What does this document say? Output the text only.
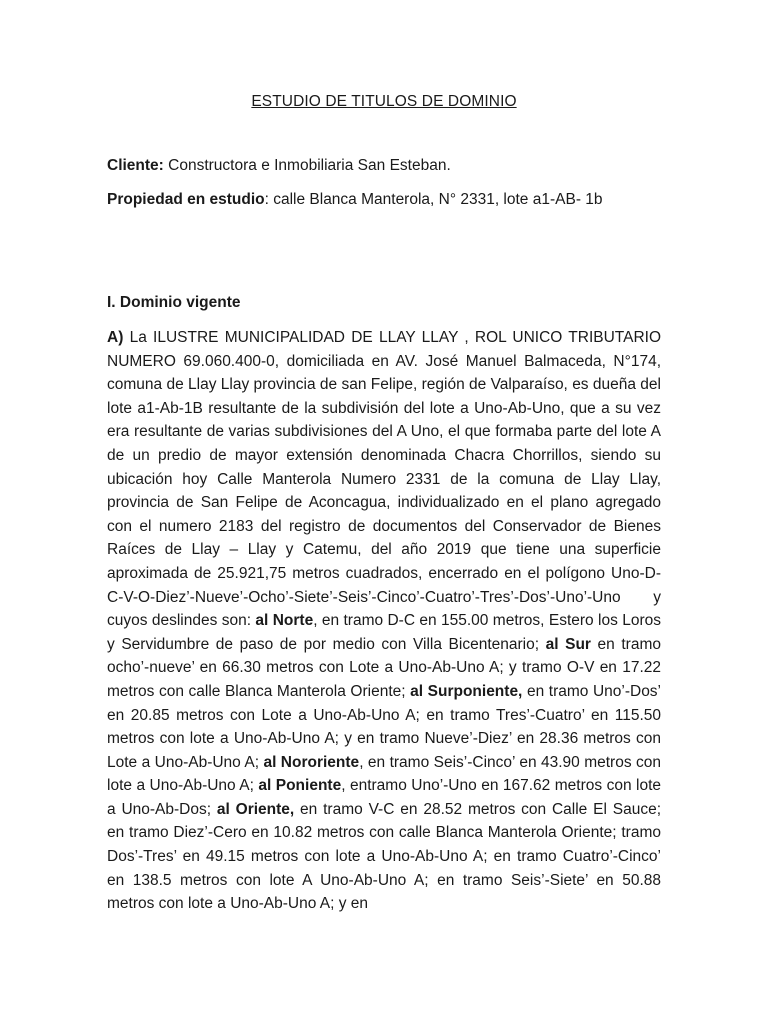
ESTUDIO DE TITULOS DE DOMINIO
Cliente: Constructora e Inmobiliaria San Esteban.
Propiedad en estudio: calle Blanca Manterola, N° 2331, lote a1-AB- 1b
I. Dominio vigente
A) La ILUSTRE MUNICIPALIDAD DE LLAY LLAY , ROL UNICO TRIBUTARIO NUMERO 69.060.400-0, domiciliada en AV. José Manuel Balmaceda, N°174, comuna de Llay Llay provincia de san Felipe, región de Valparaíso, es dueña del lote a1-Ab-1B resultante de la subdivisión del lote a Uno-Ab-Uno, que a su vez era resultante de varias subdivisiones del A Uno, el que formaba parte del lote A de un predio de mayor extensión denominada Chacra Chorrillos, siendo su ubicación hoy Calle Manterola Numero 2331 de la comuna de Llay Llay, provincia de San Felipe de Aconcagua, individualizado en el plano agregado con el numero 2183 del registro de documentos del Conservador de Bienes Raíces de Llay – Llay y Catemu, del año 2019 que tiene una superficie aproximada de 25.921,75 metros cuadrados, encerrado en el polígono Uno-D-C-V-O-Diez’-Nueve’-Ocho’-Siete’-Seis’-Cinco’-Cuatro’-Tres’-Dos’-Uno’-Uno y cuyos deslindes son: al Norte, en tramo D-C en 155.00 metros, Estero los Loros y Servidumbre de paso de por medio con Villa Bicentenario; al Sur en tramo ocho’-nueve’ en 66.30 metros con Lote a Uno-Ab-Uno A; y tramo O-V en 17.22 metros con calle Blanca Manterola Oriente; al Surponiente, en tramo Uno’-Dos’ en 20.85 metros con Lote a Uno-Ab-Uno A; en tramo Tres’-Cuatro’ en 115.50 metros con lote a Uno-Ab-Uno A; y en tramo Nueve’-Diez’ en 28.36 metros con Lote a Uno-Ab-Uno A; al Nororiente, en tramo Seis’-Cinco’ en 43.90 metros con lote a Uno-Ab-Uno A; al Poniente, entramo Uno’-Uno en 167.62 metros con lote a Uno-Ab-Dos; al Oriente, en tramo V-C en 28.52 metros con Calle El Sauce; en tramo Diez’-Cero en 10.82 metros con calle Blanca Manterola Oriente; tramo Dos’-Tres’ en 49.15 metros con lote a Uno-Ab-Uno A; en tramo Cuatro’-Cinco’ en 138.5 metros con lote A Uno-Ab-Uno A; en tramo Seis’-Siete’ en 50.88 metros con lote a Uno-Ab-Uno A; y en
